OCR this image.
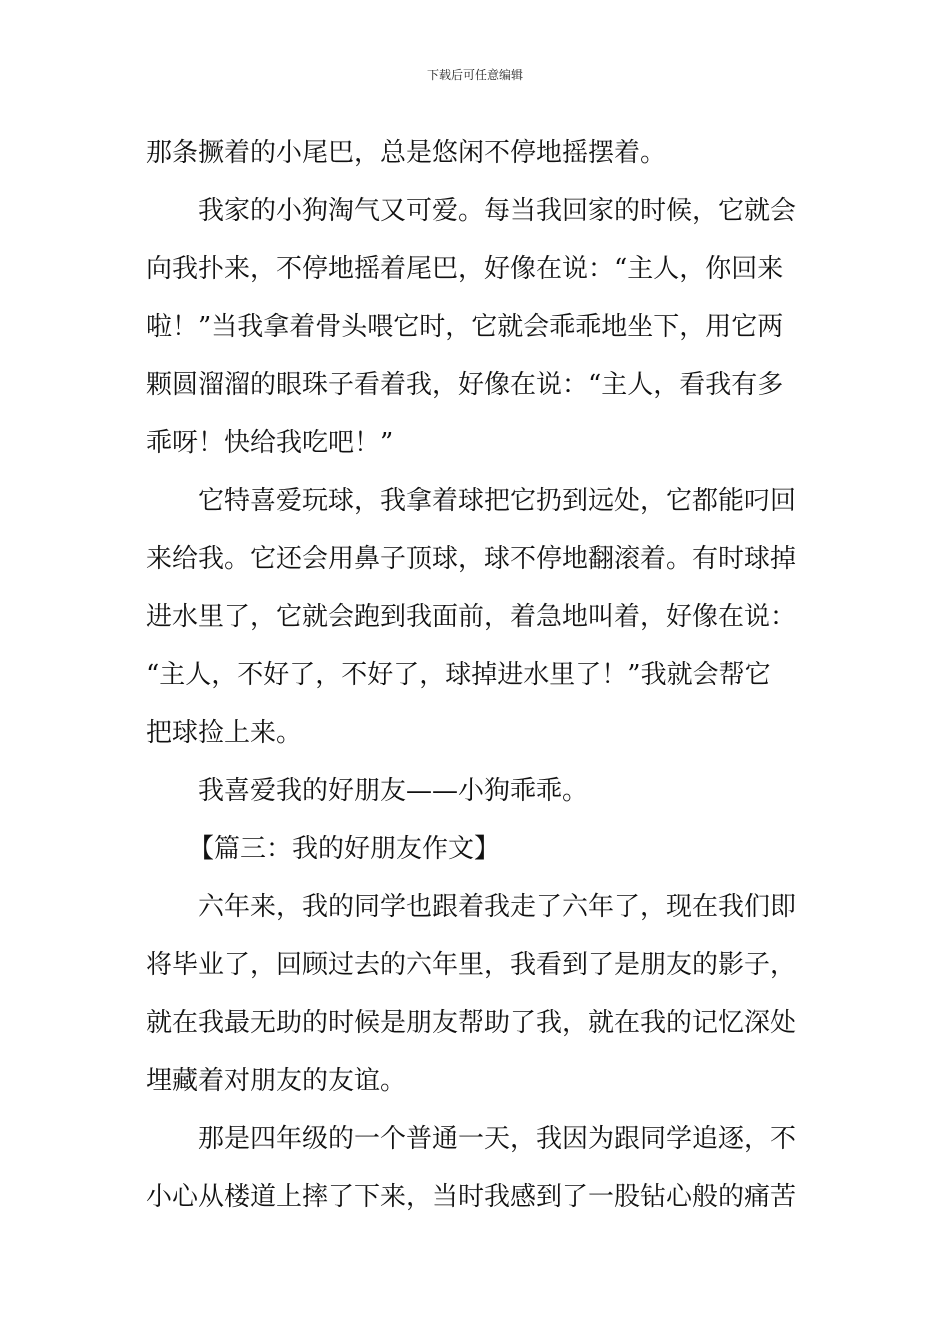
下载后可任意编辑
那条撅着的小尾巴，总是悠闲不停地摇摆着。
我家的小狗淘气又可爱。每当我回家的时候，它就会
向我扑来，不停地摇着尾巴，好像在说：“主人，你回来
啦！”当我拿着骨头喂它时，它就会乖乖地坐下，用它两
颗圆溜溜的眼珠子看着我，好像在说：“主人，看我有多
乖呀！快给我吃吧！”
它特喜爱玩球，我拿着球把它扔到远处，它都能叼回
来给我。它还会用鼻子顶球，球不停地翻滚着。有时球掉
进水里了，它就会跑到我面前，着急地叫着，好像在说：
“主人，不好了，不好了，球掉进水里了！”我就会帮它
把球捡上来。
我喜爱我的好朋友——小狗乖乖。
【篇三：我的好朋友作文】
六年来，我的同学也跟着我走了六年了，现在我们即
将毕业了，回顾过去的六年里，我看到了是朋友的影子，
就在我最无助的时候是朋友帮助了我，就在我的记忆深处
埋藏着对朋友的友谊。
那是四年级的一个普通一天，我因为跟同学追逐，不
小心从楼道上摔了下来，当时我感到了一股钻心般的痛苦
